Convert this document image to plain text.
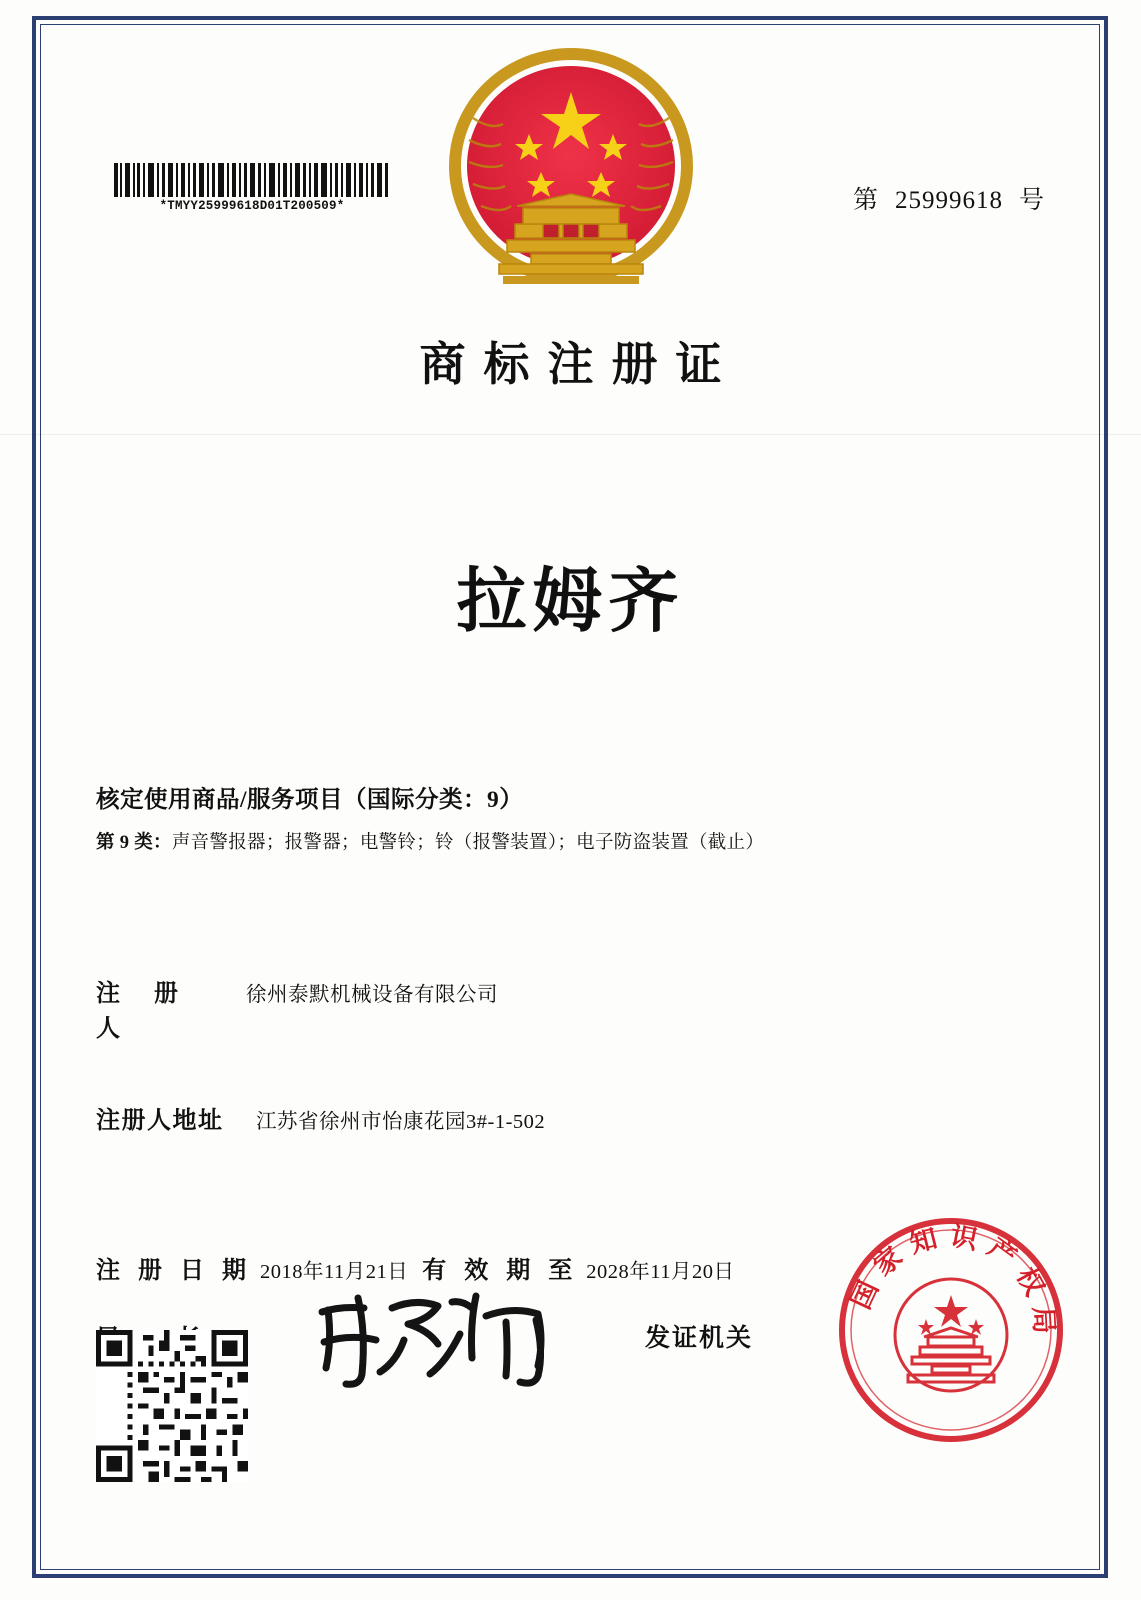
*TMYY25999618D01T200509*	第 25999618 号
商标注册证
拉姆齐
核定使用商品/服务项目（国际分类：9）
第 9 类：声音警报器；报警器；电警铃；铃（报警装置）；电子防盗装置（截止）
注 册 人
徐州泰默机械设备有限公司
注册人地址	江苏省徐州市怡康花园3#-1-502
注 册 日 期 2018年11月21日 有 效 期 至 2028年11月20日
发证机关
国家知识产权局
